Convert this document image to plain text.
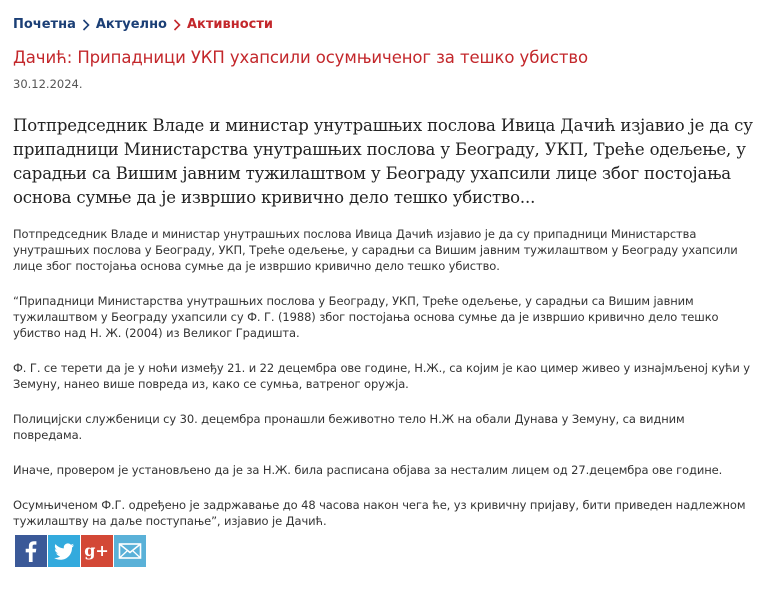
Почетна Актуелно Активности
Дачић: Припадници УКП ухапсили осумњиченог за тешко убиство
30.12.2024.

Потпредседник Владе и министар унутрашњих послова Ивица Дачић изјавио је да су припадници Министарства унутрашњих послова у Београду, УКП, Треће одељење, у сарадњи са Вишим јавним тужилаштвом у Београду ухапсили лице због постојања основа сумње да је извршио кривично дело тешко убиство...

Потпредседник Владе и министар унутрашњих послова Ивица Дачић изјавио је да су припадници Министарства унутрашњих послова у Београду, УКП, Треће одељење, у сарадњи са Вишим јавним тужилаштвом у Београду ухапсили лице због постојања основа сумње да је извршио кривично дело тешко убиство.

“Припадници Министарства унутрашњих послова у Београду, УКП, Треће одељење, у сарадњи са Вишим јавним тужилаштвом у Београду ухапсили су Ф. Г. (1988) због постојања основа сумње да је извршио кривично дело тешко убиство над Н. Ж. (2004) из Великог Градишта.

Ф. Г. се терети да је у ноћи између 21. и 22 децембра ове године, Н.Ж., са којим је као цимер живео у изнајмљеној кући у Земуну, нанео више повреда из, како се сумња, ватреног оружја.

Полицијски службеници су 30. децембра пронашли беживотно тело Н.Ж на обали Дунава у Земуну, са видним повредама.

Иначе, провером је установљено да је за Н.Ж. била расписана објава за несталим лицем од 27.децембра ове године.

Осумњиченом Ф.Г. одређено је задржавање до 48 часова након чега ће, уз кривичну пријаву, бити приведен надлежном тужилаштву на даље поступање”, изјавио је Дачић.

g+
